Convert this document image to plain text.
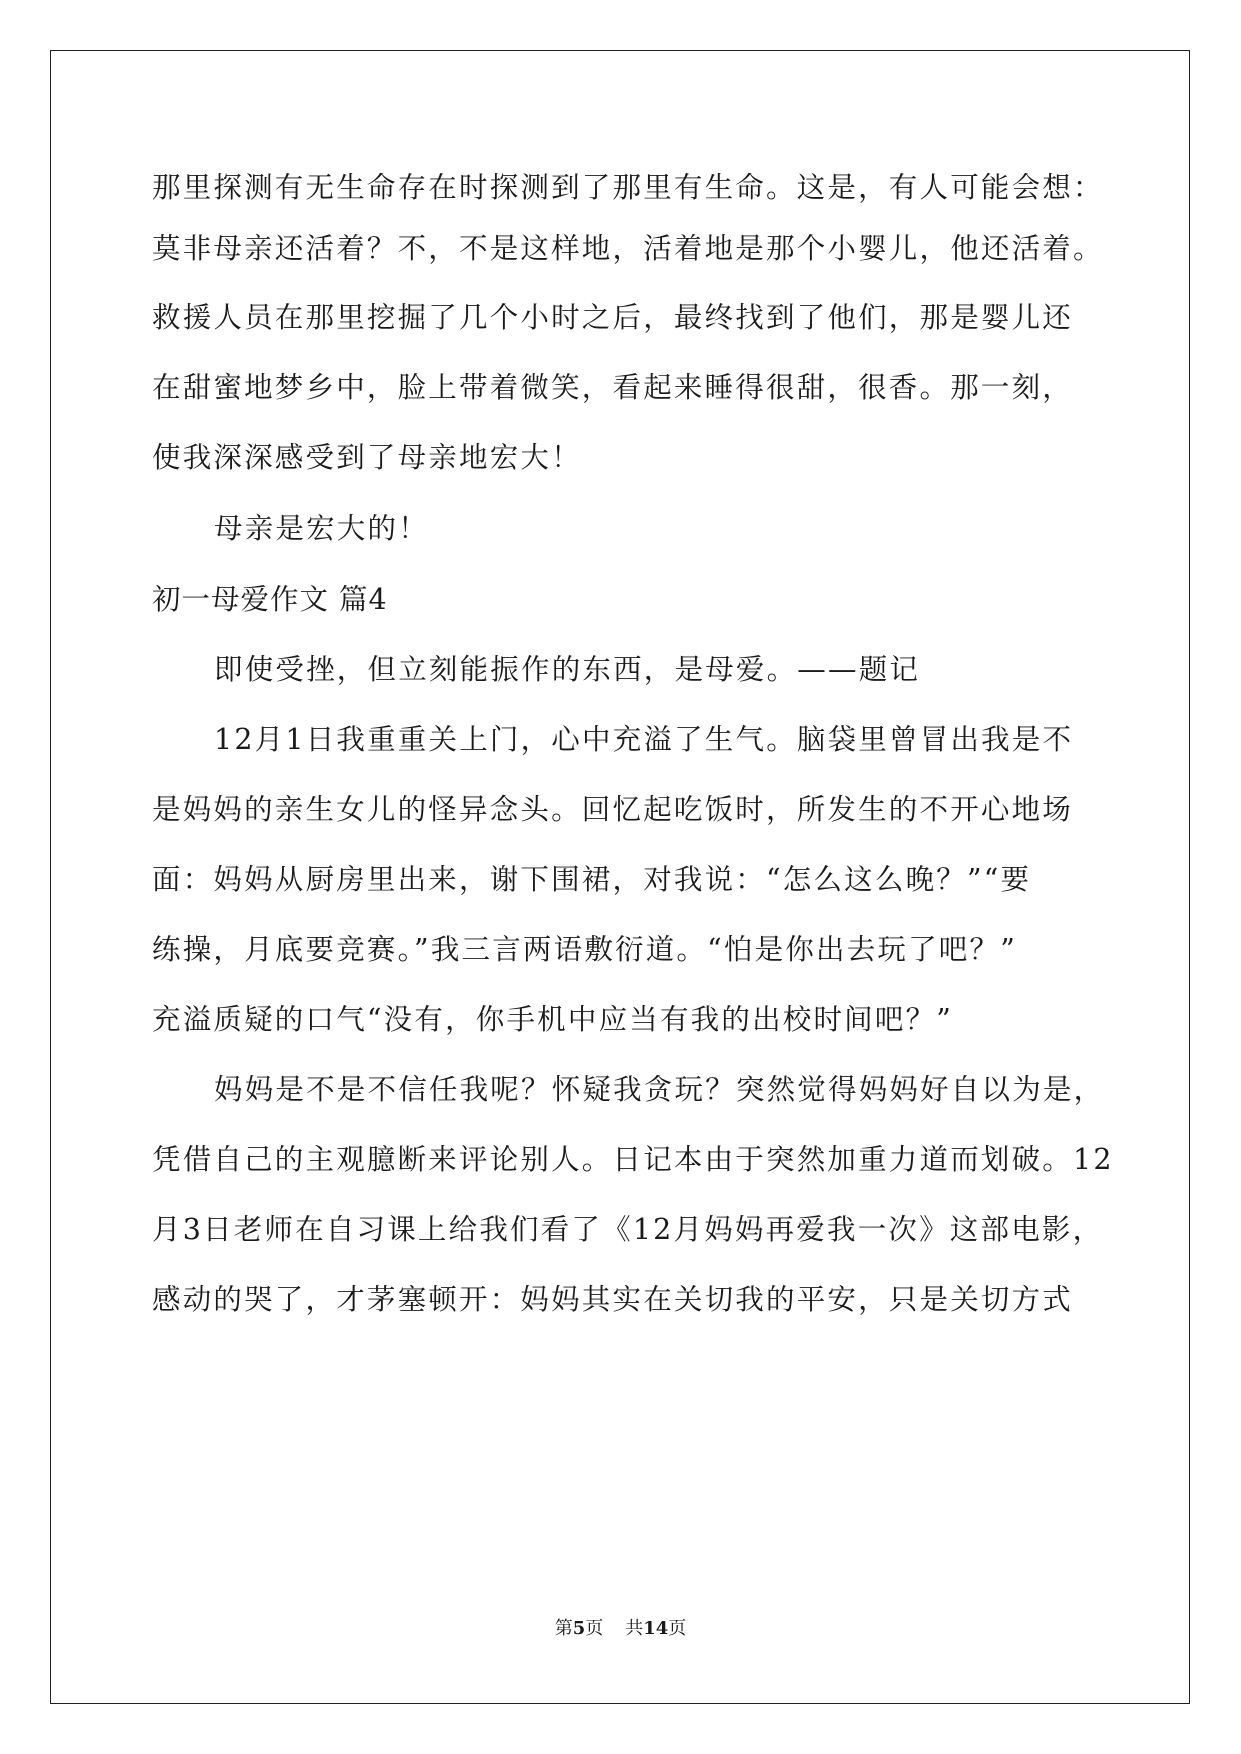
那里探测有无生命存在时探测到了那里有生命。这是，有人可能会想：
莫非母亲还活着？不，不是这样地，活着地是那个小婴儿，他还活着。
救援人员在那里挖掘了几个小时之后，最终找到了他们，那是婴儿还
在甜蜜地梦乡中，脸上带着微笑，看起来睡得很甜，很香。那一刻，
使我深深感受到了母亲地宏大！
母亲是宏大的！
初一母爱作文 篇4
即使受挫，但立刻能振作的东西，是母爱。——题记
12月1日我重重关上门，心中充溢了生气。脑袋里曾冒出我是不
是妈妈的亲生女儿的怪异念头。回忆起吃饭时，所发生的不开心地场
面：妈妈从厨房里出来，谢下围裙，对我说：“怎么这么晚？”“要
练操，月底要竞赛。”我三言两语敷衍道。“怕是你出去玩了吧？”
充溢质疑的口气“没有，你手机中应当有我的出校时间吧？”
妈妈是不是不信任我呢？怀疑我贪玩？突然觉得妈妈好自以为是，
凭借自己的主观臆断来评论别人。日记本由于突然加重力道而划破。12
月3日老师在自习课上给我们看了《12月妈妈再爱我一次》这部电影，
感动的哭了，才茅塞顿开：妈妈其实在关切我的平安，只是关切方式
第5页 共14页
